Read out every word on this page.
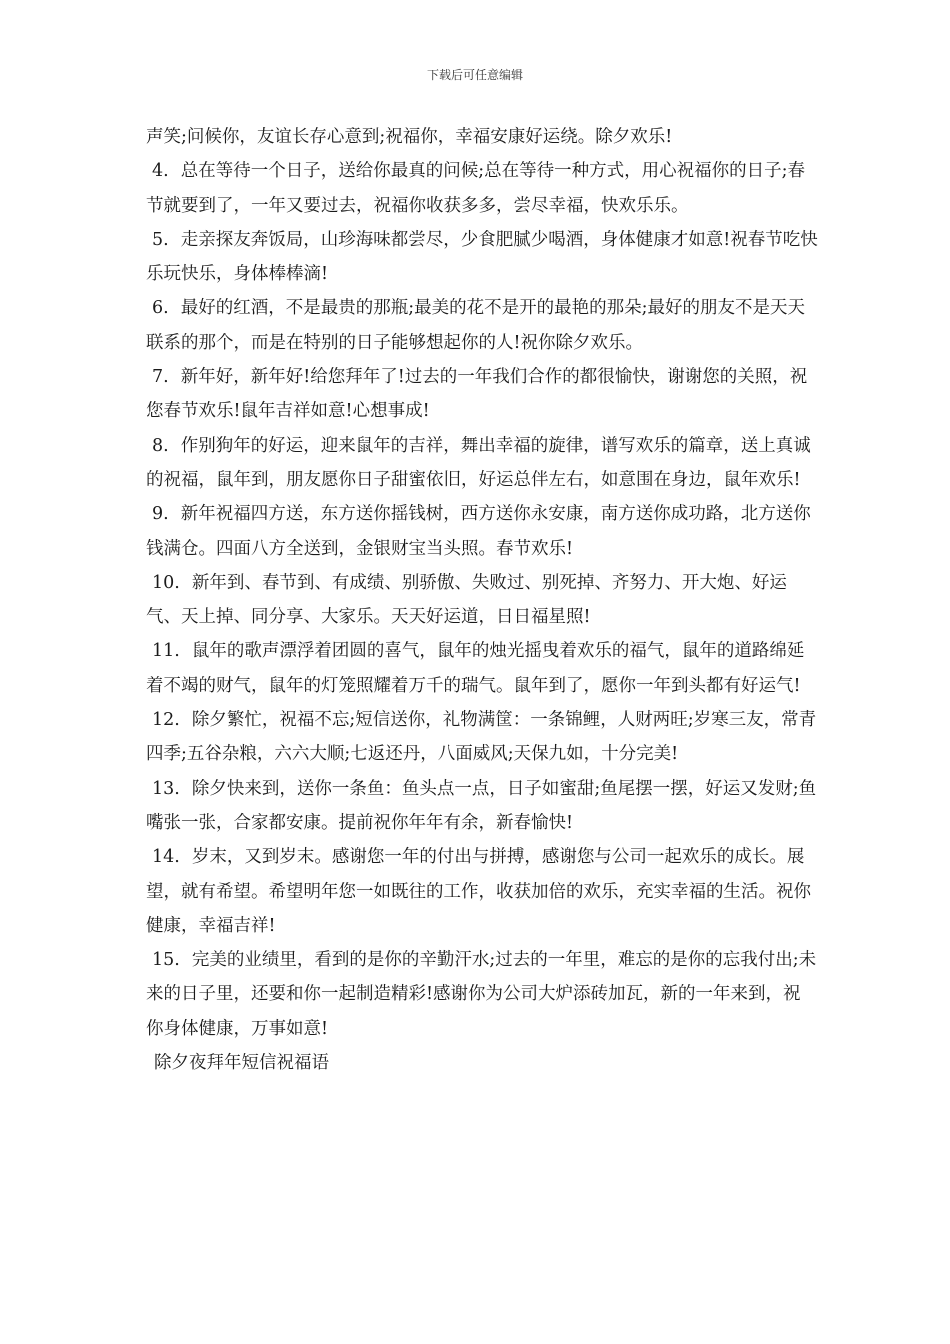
下载后可任意编辑

声笑;问候你，友谊长存心意到;祝福你，幸福安康好运绕。除夕欢乐!

4. 总在等待一个日子，送给你最真的问候;总在等待一种方式，用心祝福你的日子;春节就要到了，一年又要过去，祝福你收获多多，尝尽幸福，快欢乐乐。

5. 走亲探友奔饭局，山珍海味都尝尽，少食肥腻少喝酒，身体健康才如意!祝春节吃快乐玩快乐，身体棒棒滴!

6. 最好的红酒，不是最贵的那瓶;最美的花不是开的最艳的那朵;最好的朋友不是天天联系的那个，而是在特别的日子能够想起你的人!祝你除夕欢乐。

7. 新年好，新年好!给您拜年了!过去的一年我们合作的都很愉快，谢谢您的关照，祝您春节欢乐!鼠年吉祥如意!心想事成!

8. 作别狗年的好运，迎来鼠年的吉祥，舞出幸福的旋律，谱写欢乐的篇章，送上真诚的祝福，鼠年到，朋友愿你日子甜蜜依旧，好运总伴左右，如意围在身边，鼠年欢乐!

9. 新年祝福四方送，东方送你摇钱树，西方送你永安康，南方送你成功路，北方送你钱满仓。四面八方全送到，金银财宝当头照。春节欢乐!

10. 新年到、春节到、有成绩、别骄傲、失败过、别死掉、齐努力、开大炮、好运气、天上掉、同分享、大家乐。天天好运道，日日福星照!

11. 鼠年的歌声漂浮着团圆的喜气，鼠年的烛光摇曳着欢乐的福气，鼠年的道路绵延着不竭的财气，鼠年的灯笼照耀着万千的瑞气。鼠年到了，愿你一年到头都有好运气!

12. 除夕繁忙，祝福不忘;短信送你，礼物满筐：一条锦鲤，人财两旺;岁寒三友，常青四季;五谷杂粮，六六大顺;七返还丹，八面威风;天保九如，十分完美!

13. 除夕快来到，送你一条鱼：鱼头点一点，日子如蜜甜;鱼尾摆一摆，好运又发财;鱼嘴张一张，合家都安康。提前祝你年年有余，新春愉快!

14. 岁末，又到岁末。感谢您一年的付出与拼搏，感谢您与公司一起欢乐的成长。展望，就有希望。希望明年您一如既往的工作，收获加倍的欢乐，充实幸福的生活。祝你健康，幸福吉祥!

15. 完美的业绩里，看到的是你的辛勤汗水;过去的一年里，难忘的是你的忘我付出;未来的日子里，还要和你一起制造精彩!感谢你为公司大炉添砖加瓦，新的一年来到，祝你身体健康，万事如意!

除夕夜拜年短信祝福语
